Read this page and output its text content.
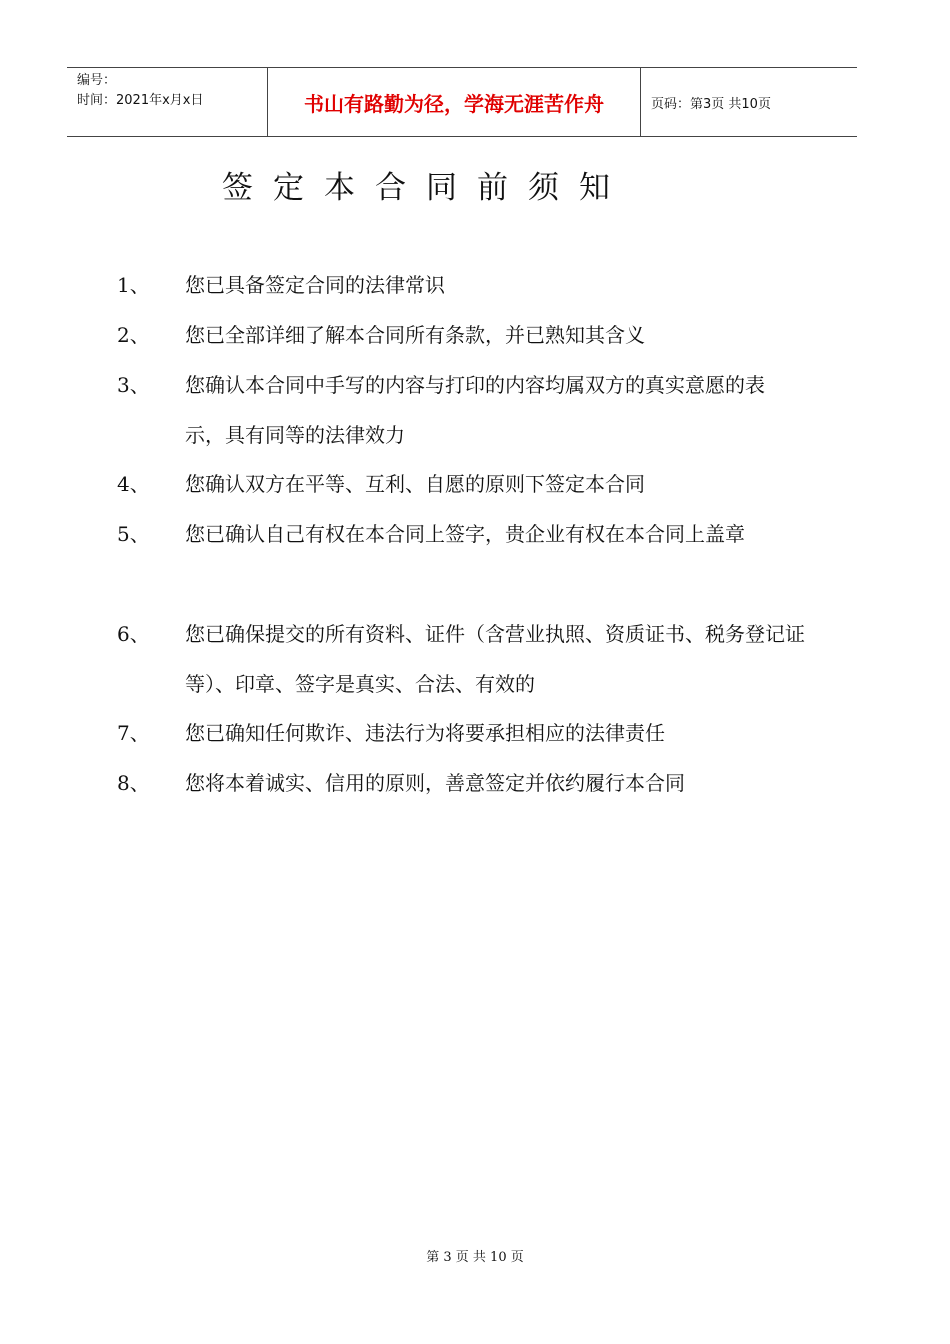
编号：
时间：2021年x月x日	书山有路勤为径，学海无涯苦作舟	页码：第3页 共10页
签定本合同前须知
1、 您已具备签定合同的法律常识
2、 您已全部详细了解本合同所有条款，并已熟知其含义
3、 您确认本合同中手写的内容与打印的内容均属双方的真实意愿的表示，具有同等的法律效力
4、 您确认双方在平等、互利、自愿的原则下签定本合同
5、 您已确认自己有权在本合同上签字，贵企业有权在本合同上盖章
6、 您已确保提交的所有资料、证件（含营业执照、资质证书、税务登记证等）、印章、签字是真实、合法、有效的
7、 您已确知任何欺诈、违法行为将要承担相应的法律责任
8、 您将本着诚实、信用的原则，善意签定并依约履行本合同
第 3 页 共 10 页
